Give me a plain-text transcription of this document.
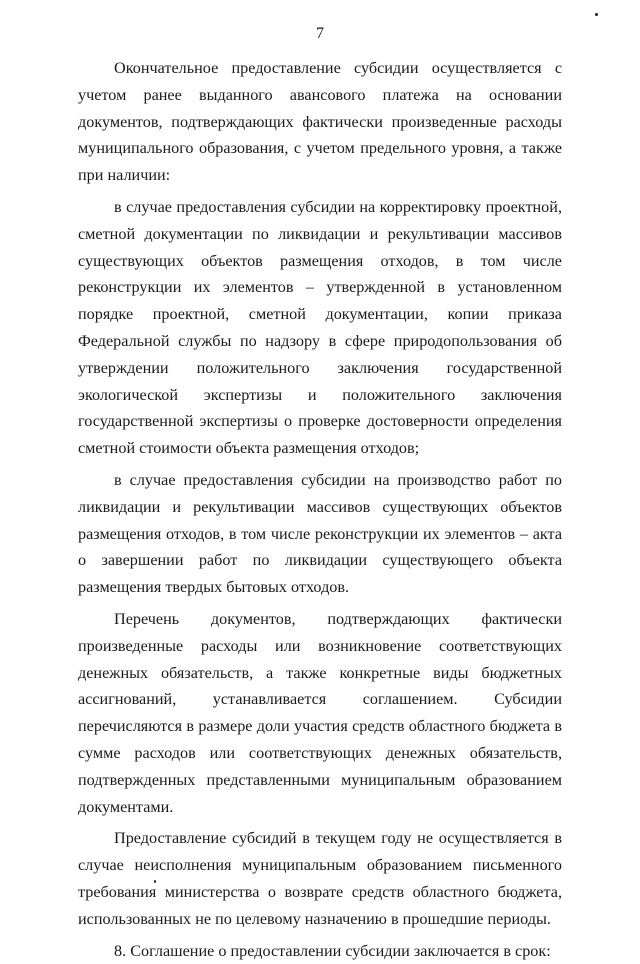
7

Окончательное предоставление субсидии осуществляется с учетом ранее выданного авансового платежа на основании документов, подтверждающих фактически произведенные расходы муниципального образования, с учетом предельного уровня, а также при наличии:

в случае предоставления субсидии на корректировку проектной, сметной документации по ликвидации и рекультивации массивов существующих объектов размещения отходов, в том числе реконструкции их элементов – утвержденной в установленном порядке проектной, сметной документации, копии приказа Федеральной службы по надзору в сфере природопользования об утверждении положительного заключения государственной экологической экспертизы и положительного заключения государственной экспертизы о проверке достоверности определения сметной стоимости объекта размещения отходов;

в случае предоставления субсидии на производство работ по ликвидации и рекультивации массивов существующих объектов размещения отходов, в том числе реконструкции их элементов – акта о завершении работ по ликвидации существующего объекта размещения твердых бытовых отходов.

Перечень документов, подтверждающих фактически произведенные расходы или возникновение соответствующих денежных обязательств, а также конкретные виды бюджетных ассигнований, устанавливается соглашением. Субсидии перечисляются в размере доли участия средств областного бюджета в сумме расходов или соответствующих денежных обязательств, подтвержденных представленными муниципальным образованием документами.

Предоставление субсидий в текущем году не осуществляется в случае неисполнения муниципальным образованием письменного требования министерства о возврате средств областного бюджета, использованных не по целевому назначению в прошедшие периоды.

8. Соглашение о предоставлении субсидии заключается в срок:
